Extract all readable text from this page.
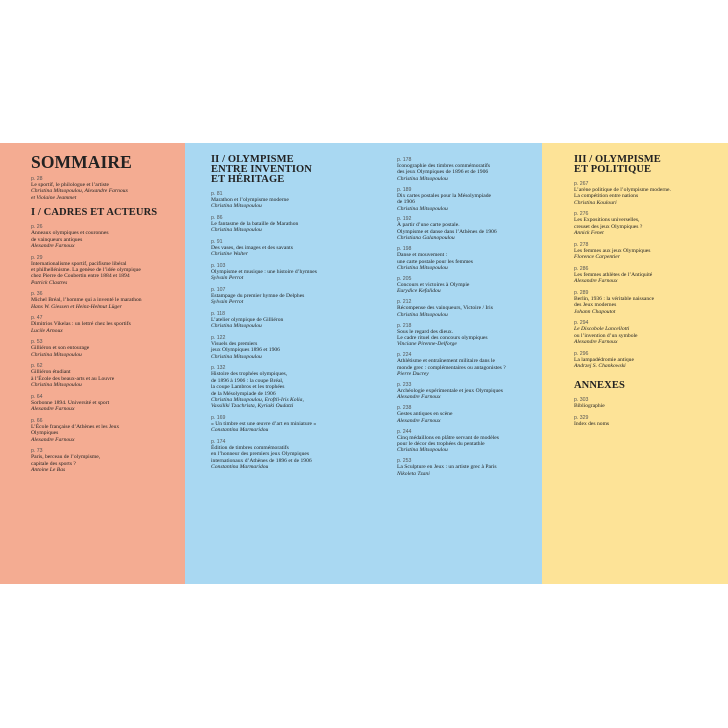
SOMMAIRE
p. 28
Le sportif, le philologue et l’artiste
Christina Mitsopoulou, Alexandre Farnoux
et Violaine Jeammet
I / CADRES ET ACTEURS
p. 26
Anneaux olympiques et couronnes
de vainqueurs antiques
Alexandre Farnoux
p. 29
Internationalisme sportif, pacifisme libéral
et philhellénisme. La genèse de l’idée olympique
chez Pierre de Coubertin entre 1884 et 1894
Patrick Clastres
p. 36
Michel Bréal, l’homme qui a inventé le marathon
Hans W. Giessen et Heinz-Helmut Lüger
p. 47
Dimitrios Vikelas : un lettré chez les sportifs
Lucile Arnoux
p. 53
Gilliéron et son entourage
Christina Mitsopoulou
p. 62
Gilliéron étudiant
à l’École des beaux-arts et au Louvre
Christina Mitsopoulou
p. 64
Sorbonne 1894. Université et sport
Alexandre Farnoux
p. 66
L’École française d’Athènes et les Jeux
Olympiques
Alexandre Farnoux
p. 73
Paris, berceau de l’olympisme,
capitale des sports ?
Antoine Le Bas
II / OLYMPISME
ENTRE INVENTION
ET HÉRITAGE
p. 81
Marathon et l’olympisme moderne
Christina Mitsopoulou
p. 86
Le fantasme de la bataille de Marathon
Christina Mitsopoulou
p. 91
Des vases, des images et des savants
Christine Walter
p. 103
Olympisme et musique : une histoire d’hymnes
Sylvain Perrot
p. 107
Estampage du premier hymne de Delphes
Sylvain Perrot
p. 118
L’atelier olympique de Gilliéron
Christina Mitsopoulou
p. 122
Visuels des premiers
jeux Olympiques 1896 et 1906
Christina Mitsopoulou
p. 132
Histoire des trophées olympiques,
de 1896 à 1906 : la coupe Bréal,
la coupe Lambros et les trophées
de la Mésolympiade de 1906
Christina Mitsopoulou, Eroftli-Iris Kolia,
Vassiliki Tzachrista, Kyriaki Oudatzi
p. 169
« Un timbre est une œuvre d’art en miniature »
Constantina Marmaridou
p. 174
Édition de timbres commémoratifs
en l’honneur des premiers jeux Olympiques
internationaux d’Athènes de 1896 et de 1906
Constantina Marmaridou
p. 178
Iconographie des timbres commémoratifs
des jeux Olympiques de 1896 et de 1906
Christina Mitsopoulou
p. 189
Dix cartes postales pour la Mésolympiade
de 1906
Christina Mitsopoulou
p. 192
À partir d’une carte postale.
Olympisme et danse dans l’Athènes de 1906
Christiana Galanopoulou
p. 198
Danse et mouvement :
une carte postale pour les femmes
Christina Mitsopoulou
p. 205
Concours et victoires à Olympie
Eurydice Kefalidou
p. 212
Récompense des vainqueurs, Victoire / Iris
Christina Mitsopoulou
p. 218
Sous le regard des dieux.
Le cadre rituel des concours olympiques
Vinciane Pirenne-Delforge
p. 224
Athlétisme et entraînement militaire dans le
monde grec : complémentaires ou antagonistes ?
Pierre Ducrey
p. 233
Archéologie expérimentale et jeux Olympiques
Alexandre Farnoux
p. 238
Gestes antiques en scène
Alexandre Farnoux
p. 244
Cinq médaillons en plâtre servant de modèles
pour le décor des trophées du pentathle
Christina Mitsopoulou
p. 253
La Sculpture en Jeux : un artiste grec à Paris
Nikoleta Tzani
III / OLYMPISME
ET POLITIQUE
p. 267
L’arène politique de l’olympisme moderne.
La compétition entre nations
Christina Koulouri
p. 276
Les Expositions universelles,
creuset des jeux Olympiques ?
Annick Fenet
p. 278
Les femmes aux jeux Olympiques
Florence Carpentier
p. 286
Les femmes athlètes de l’Antiquité
Alexandre Farnoux
p. 289
Berlin, 1936 : la véritable naissance
des Jeux modernes
Johann Chapoutot
p. 294
Le Discobole Lancellotti
ou l’invention d’un symbole
Alexandre Farnoux
p. 296
La lampadédromie antique
Andrzej S. Chankowski
ANNEXES
p. 303
Bibliographie
p. 329
Index des noms
